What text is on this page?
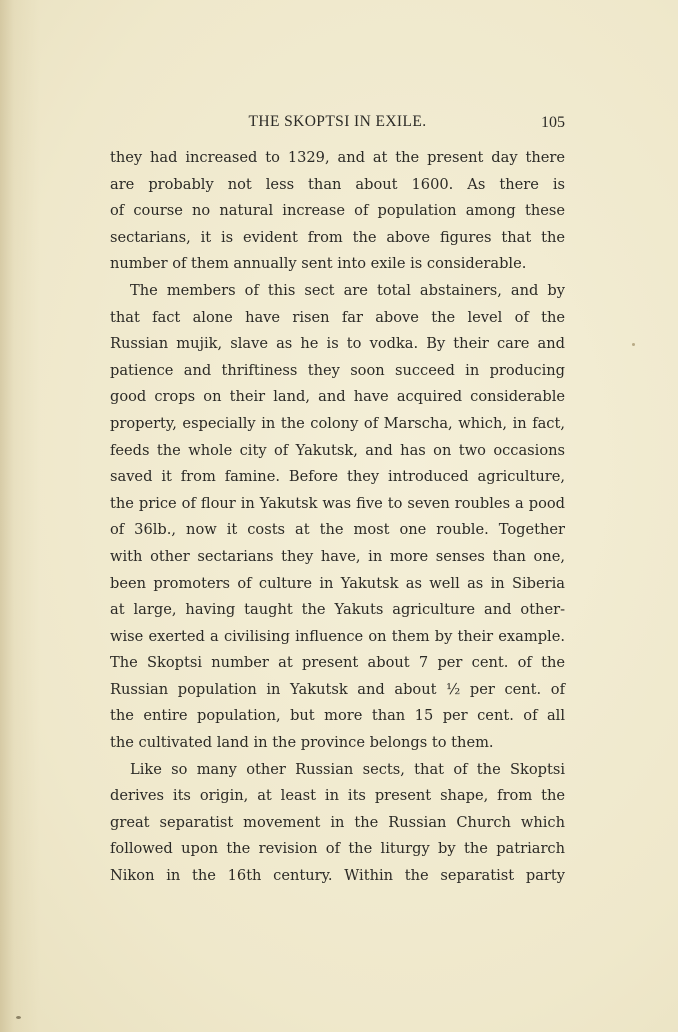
THE SKOPTSI IN EXILE.	105
they had increased to 1329, and at the present day there
are probably not less than about 1600. As there is
of course no natural increase of population among these
sectarians, it is evident from the above figures that the
number of them annually sent into exile is considerable.
The members of this sect are total abstainers, and by
that fact alone have risen far above the level of the
Russian mujik, slave as he is to vodka. By their care and
patience and thriftiness they soon succeed in producing
good crops on their land, and have acquired considerable
property, especially in the colony of Marscha, which, in fact,
feeds the whole city of Yakutsk, and has on two occasions
saved it from famine. Before they introduced agriculture,
the price of flour in Yakutsk was five to seven roubles a pood
of 36lb., now it costs at the most one rouble. Together
with other sectarians they have, in more senses than one,
been promoters of culture in Yakutsk as well as in Siberia
at large, having taught the Yakuts agriculture and other-
wise exerted a civilising influence on them by their example.
The Skoptsi number at present about 7 per cent. of the
Russian population in Yakutsk and about ½ per cent. of
the entire population, but more than 15 per cent. of all
the cultivated land in the province belongs to them.
Like so many other Russian sects, that of the Skoptsi
derives its origin, at least in its present shape, from the
great separatist movement in the Russian Church which
followed upon the revision of the liturgy by the patriarch
Nikon in the 16th century. Within the separatist party
